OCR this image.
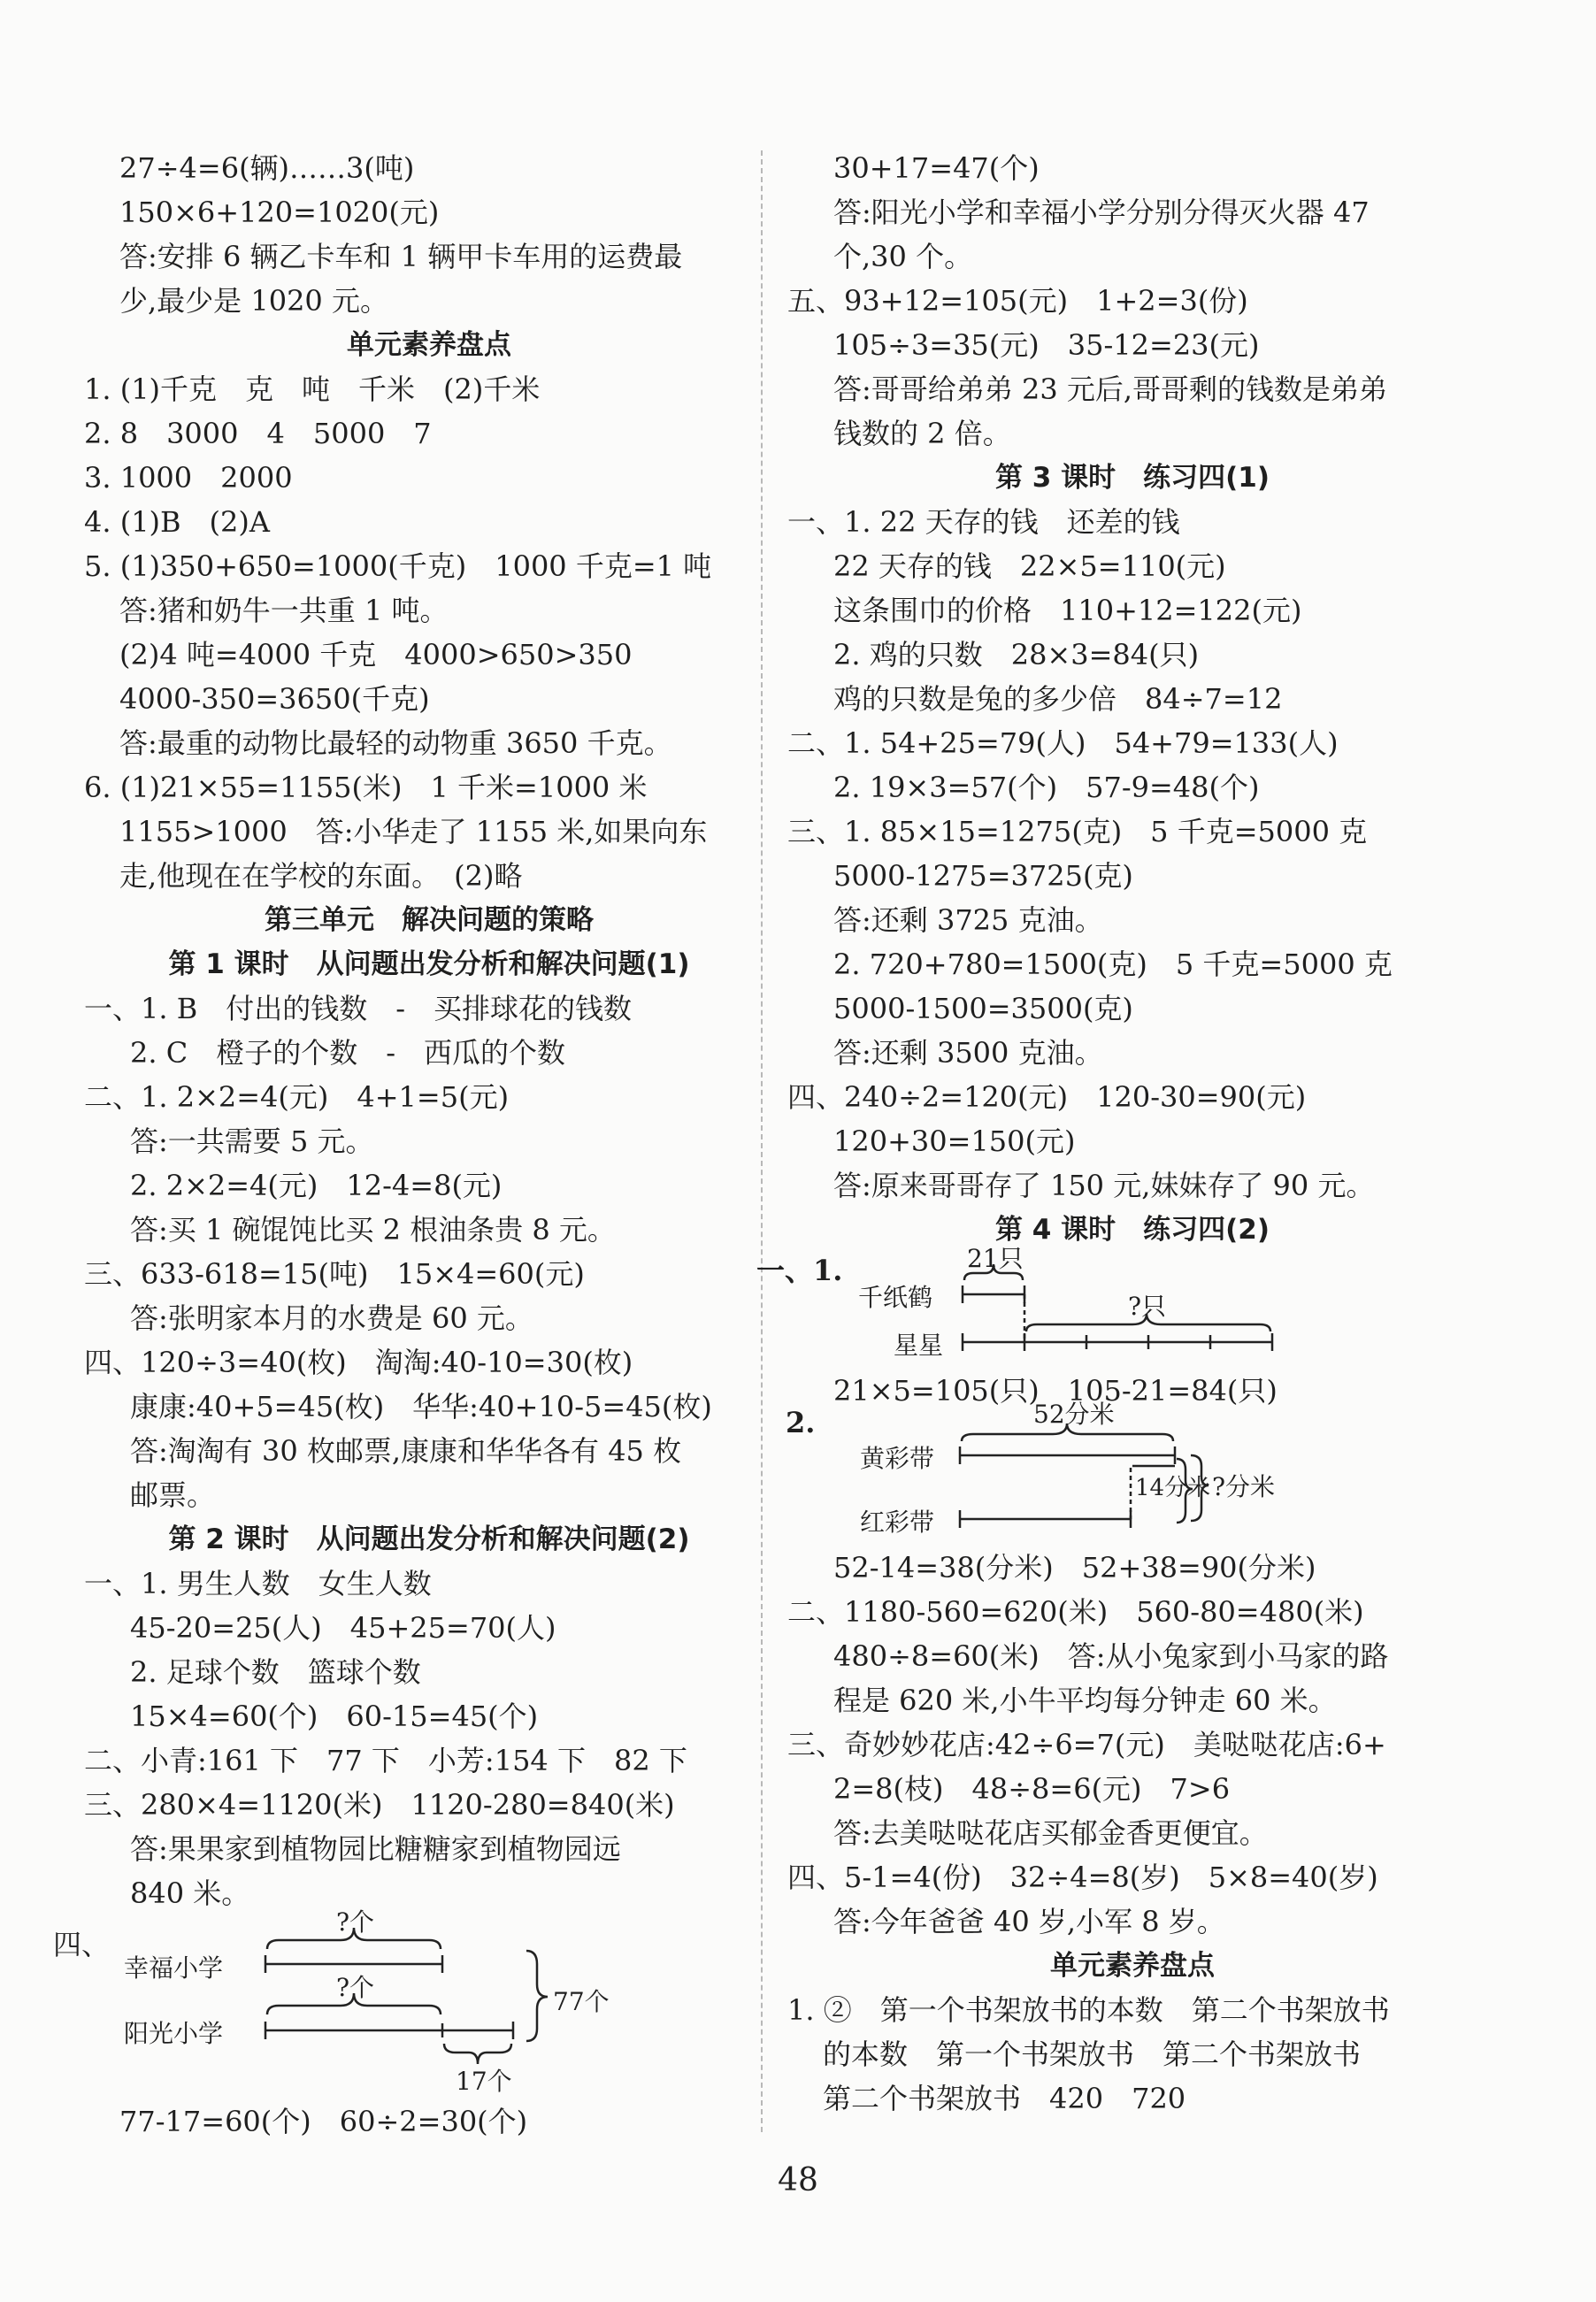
27÷4=6(辆)……3(吨)
150×6+120=1020(元)
答:安排 6 辆乙卡车和 1 辆甲卡车用的运费最
少,最少是 1020 元。
单元素养盘点
1. (1)千克　克　吨　千米　(2)千米
2. 8　3000　4　5000　7
3. 1000　2000
4. (1)B　(2)A
5. (1)350+650=1000(千克)　1000 千克=1 吨
答:猪和奶牛一共重 1 吨。
(2)4 吨=4000 千克　4000>650>350
4000-350=3650(千克)
答:最重的动物比最轻的动物重 3650 千克。
6. (1)21×55=1155(米)　1 千米=1000 米
1155>1000　答:小华走了 1155 米,如果向东
走,他现在在学校的东面。　(2)略
第三单元　解决问题的策略
第 1 课时　从问题出发分析和解决问题(1)
一、1. B　付出的钱数　-　买排球花的钱数
2. C　橙子的个数　-　西瓜的个数
二、1. 2×2=4(元)　4+1=5(元)
答:一共需要 5 元。
2. 2×2=4(元)　12-4=8(元)
答:买 1 碗馄饨比买 2 根油条贵 8 元。
三、633-618=15(吨)　15×4=60(元)
答:张明家本月的水费是 60 元。
四、120÷3=40(枚)　淘淘:40-10=30(枚)
康康:40+5=45(枚)　华华:40+10-5=45(枚)
答:淘淘有 30 枚邮票,康康和华华各有 45 枚
邮票。
第 2 课时　从问题出发分析和解决问题(2)
一、1. 男生人数　女生人数
45-20=25(人)　45+25=70(人)
2. 足球个数　篮球个数
15×4=60(个)　60-15=45(个)
二、小青:161 下　77 下　小芳:154 下　82 下
三、280×4=1120(米)　1120-280=840(米)
答:果果家到植物园比糖糖家到植物园远
840 米。
四、
幸福小学
阳光小学
?个
?个	77个
17个
77-17=60(个)　60÷2=30(个)
30+17=47(个)
答:阳光小学和幸福小学分别分得灭火器 47
个,30 个。
五、93+12=105(元)　1+2=3(份)
105÷3=35(元)　35-12=23(元)
答:哥哥给弟弟 23 元后,哥哥剩的钱数是弟弟
钱数的 2 倍。
第 3 课时　练习四(1)
一、1. 22 天存的钱　还差的钱
22 天存的钱　22×5=110(元)
这条围巾的价格　110+12=122(元)
2. 鸡的只数　28×3=84(只)
鸡的只数是兔的多少倍　84÷7=12
二、1. 54+25=79(人)　54+79=133(人)
2. 19×3=57(个)　57-9=48(个)
三、1. 85×15=1275(克)　5 千克=5000 克
5000-1275=3725(克)
答:还剩 3725 克油。
2. 720+780=1500(克)　5 千克=5000 克
5000-1500=3500(克)
答:还剩 3500 克油。
四、240÷2=120(元)　120-30=90(元)
120+30=150(元)
答:原来哥哥存了 150 元,妹妹存了 90 元。
第 4 课时　练习四(2)
一、1.	21只
千纸鹤
星星
?只
21×5=105(只)　105-21=84(只)
2.	52分米
黄彩带
红彩带
14分米 ?分米
52-14=38(分米)　52+38=90(分米)
二、1180-560=620(米)　560-80=480(米)
480÷8=60(米)　答:从小兔家到小马家的路
程是 620 米,小牛平均每分钟走 60 米。
三、奇妙妙花店:42÷6=7(元)　美哒哒花店:6+
2=8(枝)　48÷8=6(元)　7>6
答:去美哒哒花店买郁金香更便宜。
四、5-1=4(份)　32÷4=8(岁)　5×8=40(岁)
答:今年爸爸 40 岁,小军 8 岁。
单元素养盘点
1. ②　第一个书架放书的本数　第二个书架放书
的本数　第一个书架放书　第二个书架放书
第二个书架放书　420　720
48
